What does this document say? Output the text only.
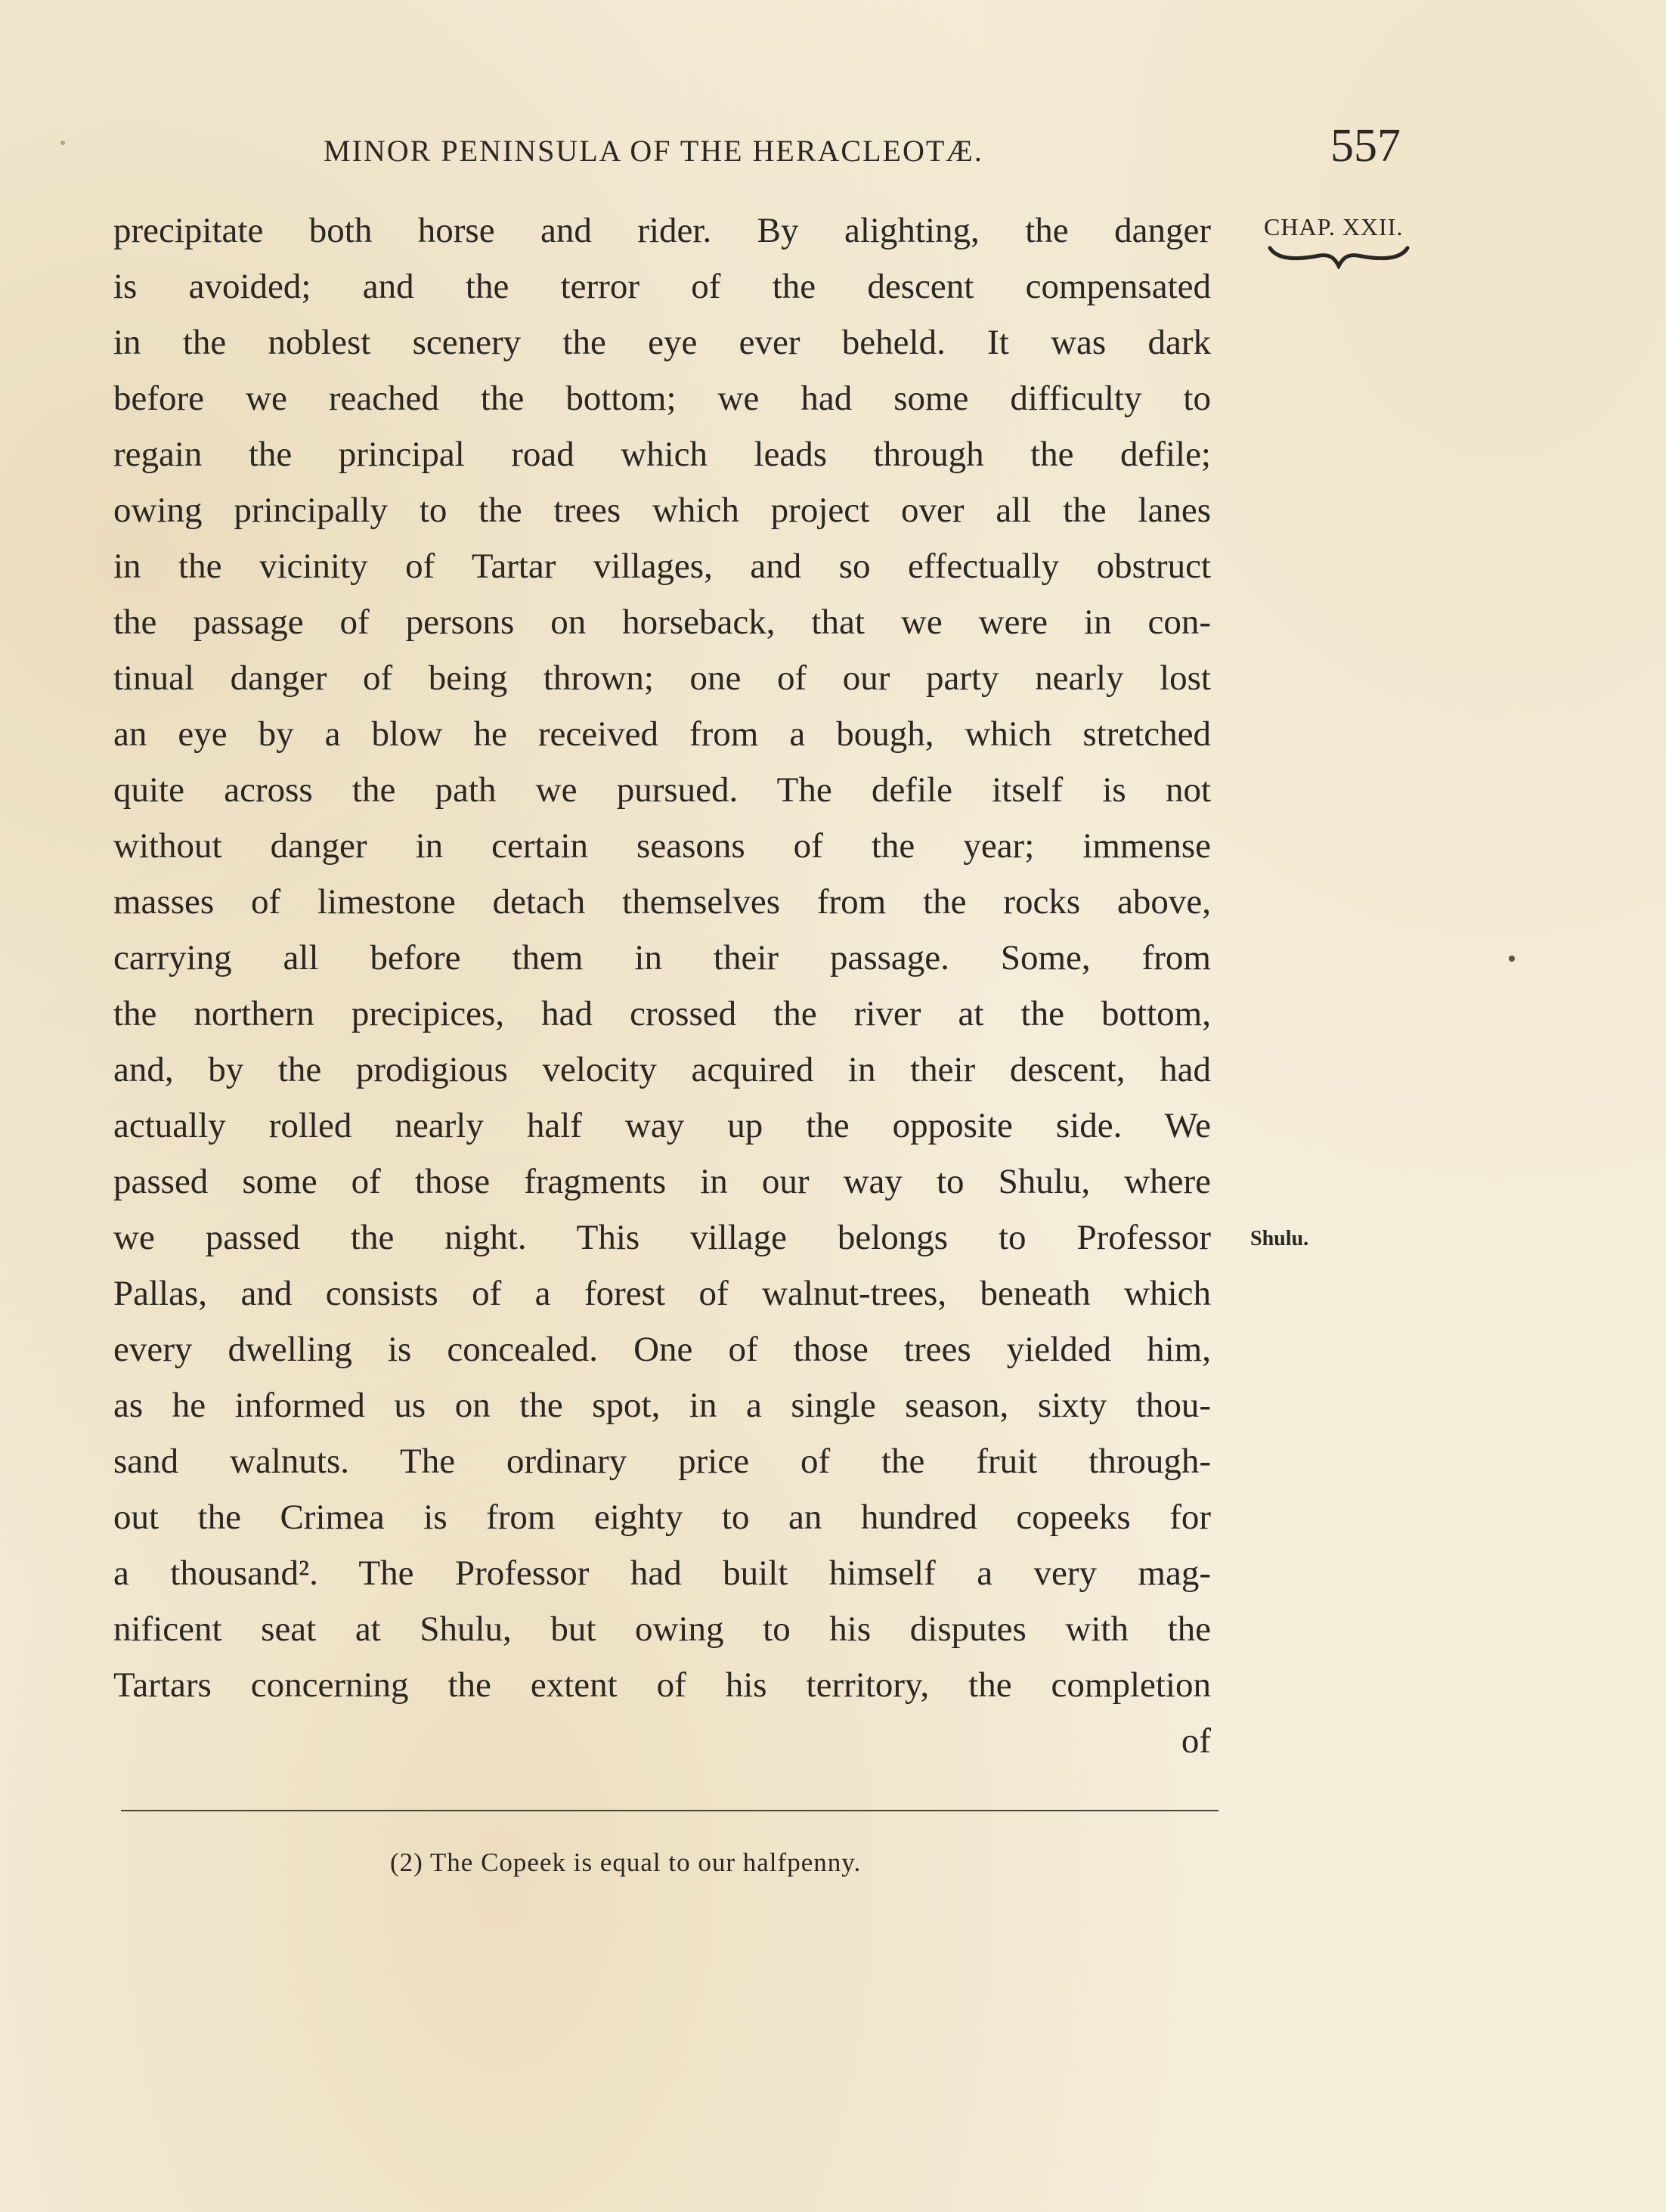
MINOR PENINSULA OF THE HERACLEOTÆ.	557
CHAP. XXII.
Shulu.
precipitate both horse and rider. By alighting, the danger
is avoided; and the terror of the descent compensated
in the noblest scenery the eye ever beheld. It was dark
before we reached the bottom; we had some difficulty to
regain the principal road which leads through the defile;
owing principally to the trees which project over all the lanes
in the vicinity of Tartar villages, and so effectually obstruct
the passage of persons on horseback, that we were in con-
tinual danger of being thrown; one of our party nearly lost
an eye by a blow he received from a bough, which stretched
quite across the path we pursued. The defile itself is not
without danger in certain seasons of the year; immense
masses of limestone detach themselves from the rocks above,
carrying all before them in their passage. Some, from
the northern precipices, had crossed the river at the bottom,
and, by the prodigious velocity acquired in their descent, had
actually rolled nearly half way up the opposite side. We
passed some of those fragments in our way to Shulu, where
we passed the night. This village belongs to Professor
Pallas, and consists of a forest of walnut-trees, beneath which
every dwelling is concealed. One of those trees yielded him,
as he informed us on the spot, in a single season, sixty thou-
sand walnuts. The ordinary price of the fruit through-
out the Crimea is from eighty to an hundred copeeks for
a thousand². The Professor had built himself a very mag-
nificent seat at Shulu, but owing to his disputes with the
Tartars concerning the extent of his territory, the completion
of
(2) The Copeek is equal to our halfpenny.
